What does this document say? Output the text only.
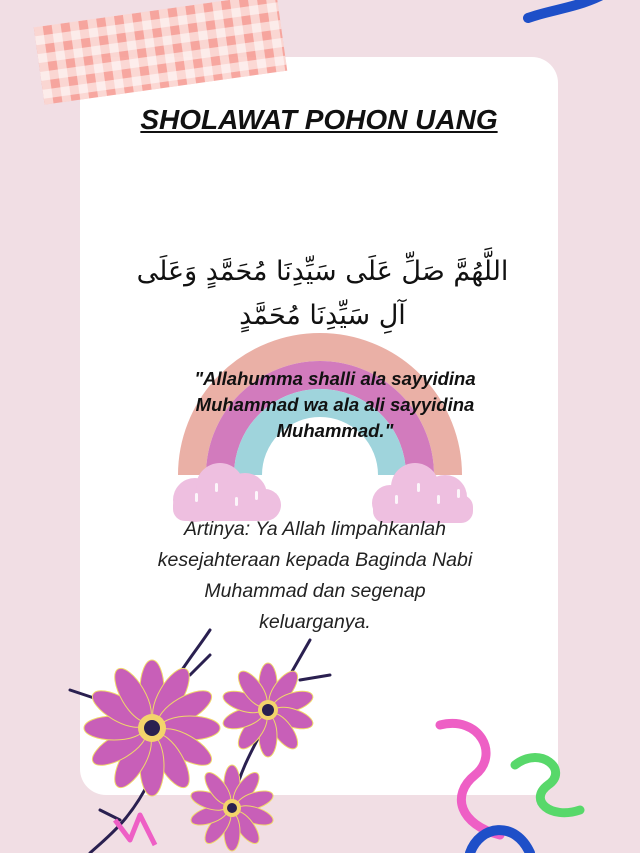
SHOLAWAT POHON UANG

اللَّهُمَّ صَلِّ عَلَى سَيِّدِنَا مُحَمَّدٍ وَعَلَى آلِ سَيِّدِنَا مُحَمَّدٍ

"Allahumma shalli ala sayyidina Muhammad wa ala ali sayyidina Muhammad."

Artinya: Ya Allah limpahkanlah kesejahteraan kepada Baginda Nabi Muhammad dan segenap keluarganya.
